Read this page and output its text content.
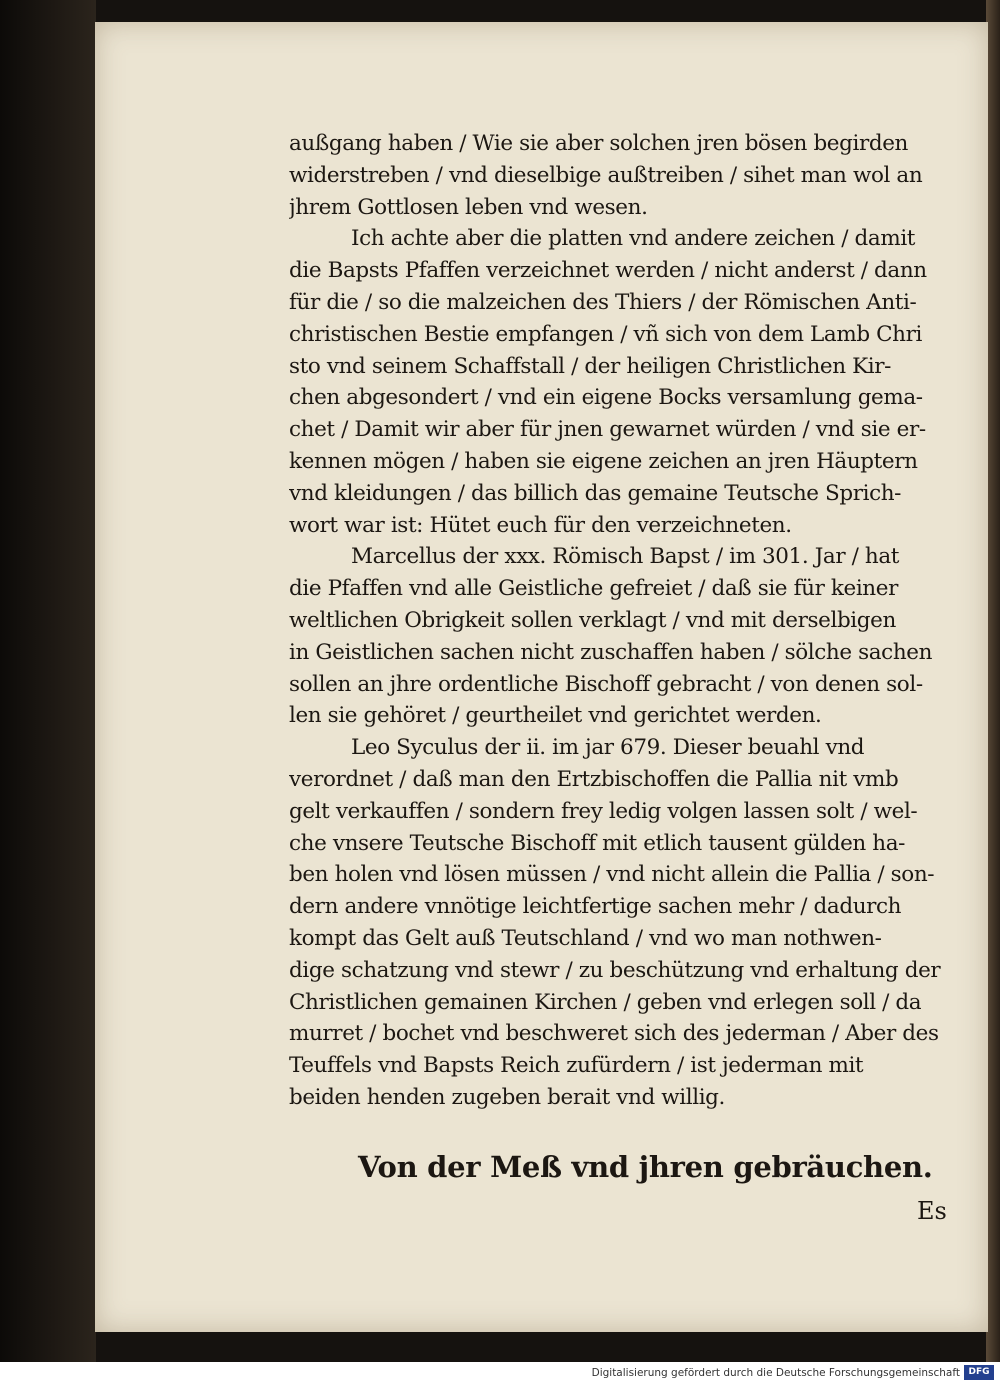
außgang haben / Wie sie aber solchen jren bösen begirden
widerstreben / vnd dieselbige außtreiben / sihet man wol an
jhrem Gottlosen leben vnd wesen.
Ich achte aber die platten vnd andere zeichen / damit
die Bapsts Pfaffen verzeichnet werden / nicht anderst / dann
für die / so die malzeichen des Thiers / der Römischen Anti-
christischen Bestie empfangen / vñ sich von dem Lamb Chri
sto vnd seinem Schaffstall / der heiligen Christlichen Kir-
chen abgesondert / vnd ein eigene Bocks versamlung gema-
chet / Damit wir aber für jnen gewarnet würden / vnd sie er-
kennen mögen / haben sie eigene zeichen an jren Häuptern
vnd kleidungen / das billich das gemaine Teutsche Sprich-
wort war ist: Hütet euch für den verzeichneten.
Marcellus der xxx. Römisch Bapst / im 301. Jar / hat
die Pfaffen vnd alle Geistliche gefreiet / daß sie für keiner
weltlichen Obrigkeit sollen verklagt / vnd mit derselbigen
in Geistlichen sachen nicht zuschaffen haben / sölche sachen
sollen an jhre ordentliche Bischoff gebracht / von denen sol-
len sie gehöret / geurtheilet vnd gerichtet werden.
Leo Syculus der ii. im jar 679. Dieser beuahl vnd
verordnet / daß man den Ertzbischoffen die Pallia nit vmb
gelt verkauffen / sondern frey ledig volgen lassen solt / wel-
che vnsere Teutsche Bischoff mit etlich tausent gülden ha-
ben holen vnd lösen müssen / vnd nicht allein die Pallia / son-
dern andere vnnötige leichtfertige sachen mehr / dadurch
kompt das Gelt auß Teutschland / vnd wo man nothwen-
dige schatzung vnd stewr / zu beschützung vnd erhaltung der
Christlichen gemainen Kirchen / geben vnd erlegen soll / da
murret / bochet vnd beschweret sich des jederman / Aber des
Teuffels vnd Bapsts Reich zufürdern / ist jederman mit
beiden henden zugeben berait vnd willig.
Von der Meß vnd jhren gebräuchen.
Es
Digitalisierung gefördert durch die Deutsche Forschungsgemeinschaft DFG
